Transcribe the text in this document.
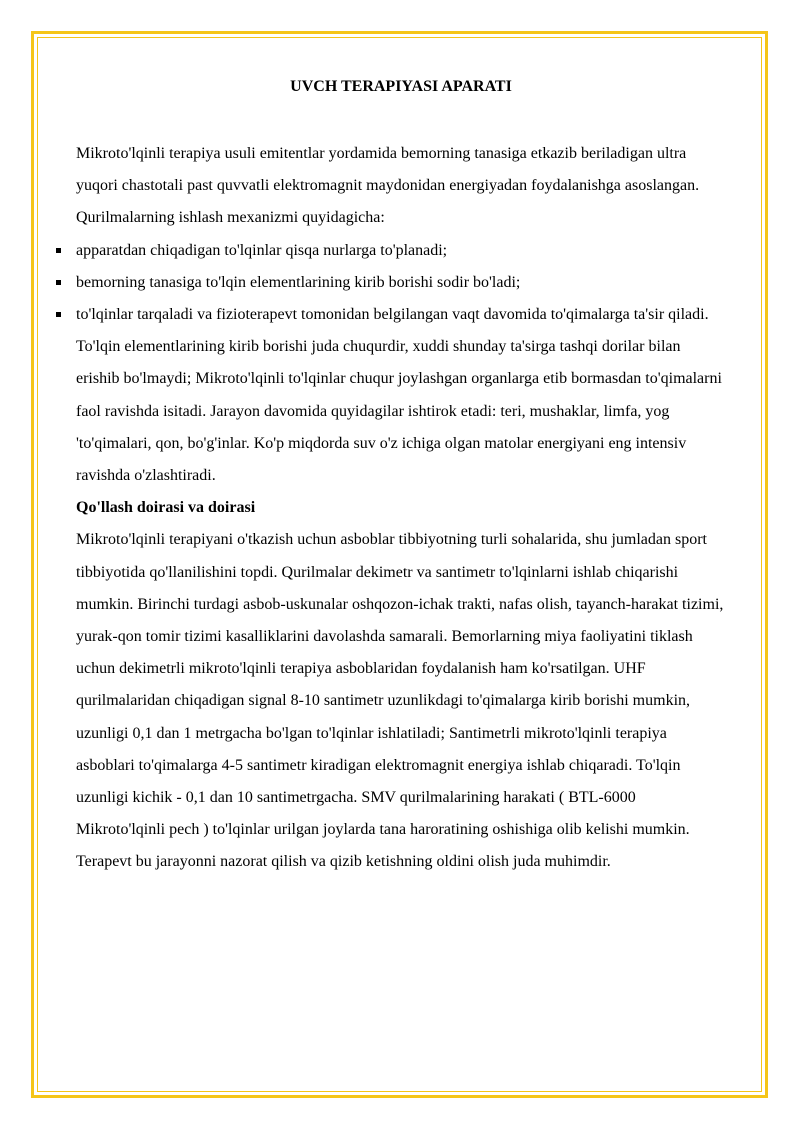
UVCH TERAPIYASI APARATI

Mikroto'lqinli terapiya usuli emitentlar yordamida bemorning tanasiga etkazib beriladigan ultra yuqori chastotali past quvvatli elektromagnit maydonidan energiyadan foydalanishga asoslangan. Qurilmalarning ishlash mexanizmi quyidagicha:

apparatdan chiqadigan to'lqinlar qisqa nurlarga to'planadi;
bemorning tanasiga to'lqin elementlarining kirib borishi sodir bo'ladi;
to'lqinlar tarqaladi va fizioterapevt tomonidan belgilangan vaqt davomida to'qimalarga ta'sir qiladi.

To'lqin elementlarining kirib borishi juda chuqurdir, xuddi shunday ta'sirga tashqi dorilar bilan erishib bo'lmaydi; Mikroto'lqinli to'lqinlar chuqur joylashgan organlarga etib bormasdan to'qimalarni faol ravishda isitadi. Jarayon davomida quyidagilar ishtirok etadi: teri, mushaklar, limfa, yog 'to'qimalari, qon, bo'g'inlar. Ko'p miqdorda suv o'z ichiga olgan matolar energiyani eng intensiv ravishda o'zlashtiradi.

Qo'llash doirasi va doirasi

Mikroto'lqinli terapiyani o'tkazish uchun asboblar tibbiyotning turli sohalarida, shu jumladan sport tibbiyotida qo'llanilishini topdi. Qurilmalar dekimetr va santimetr to'lqinlarni ishlab chiqarishi mumkin. Birinchi turdagi asbob-uskunalar oshqozon-ichak trakti, nafas olish, tayanch-harakat tizimi, yurak-qon tomir tizimi kasalliklarini davolashda samarali. Bemorlarning miya faoliyatini tiklash uchun dekimetrli mikroto'lqinli terapiya asboblaridan foydalanish ham ko'rsatilgan. UHF qurilmalaridan chiqadigan signal 8-10 santimetr uzunlikdagi to'qimalarga kirib borishi mumkin, uzunligi 0,1 dan 1 metrgacha bo'lgan to'lqinlar ishlatiladi; Santimetrli mikroto'lqinli terapiya asboblari to'qimalarga 4-5 santimetr kiradigan elektromagnit energiya ishlab chiqaradi. To'lqin uzunligi kichik - 0,1 dan 10 santimetrgacha. SMV qurilmalarining harakati ( BTL-6000 Mikroto'lqinli pech ) to'lqinlar urilgan joylarda tana haroratining oshishiga olib kelishi mumkin. Terapevt bu jarayonni nazorat qilish va qizib ketishning oldini olish juda muhimdir.
